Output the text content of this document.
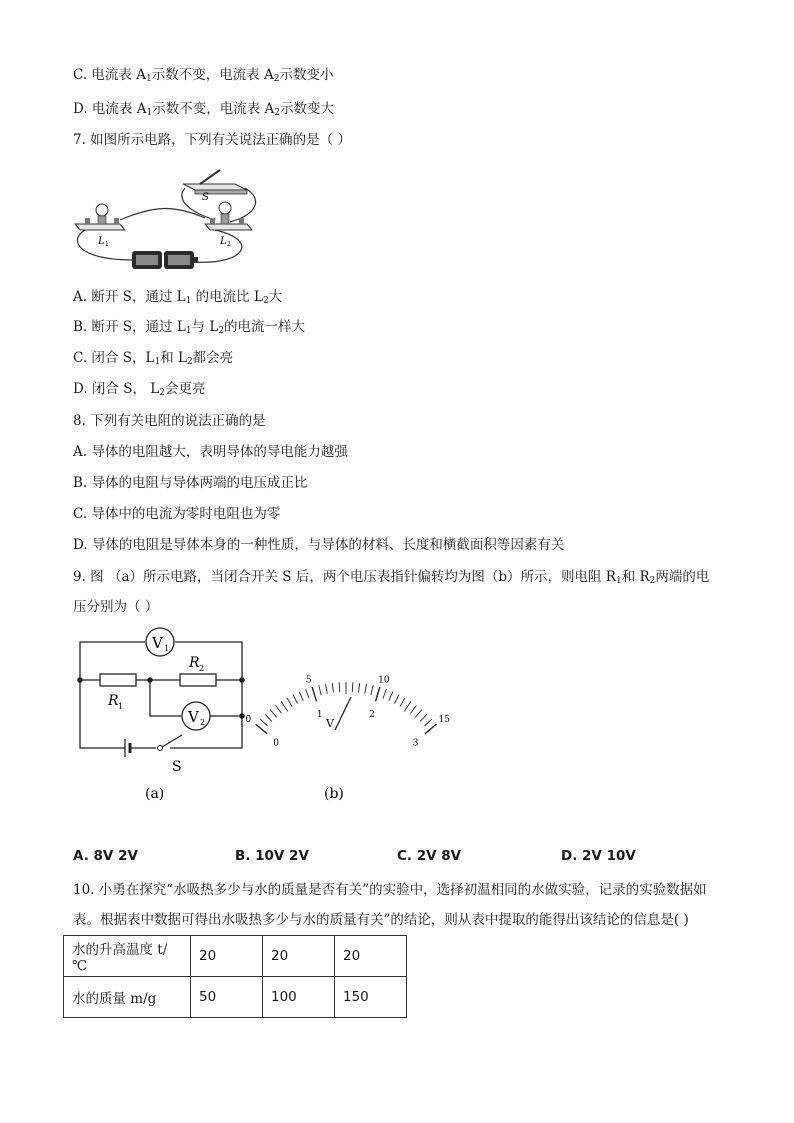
C. 电流表 $A_1$示数不变，电流表 $A_2$示数变小
D. 电流表 $A_1$示数不变，电流表 $A_2$示数变大
7. 如图所示电路，下列有关说法正确的是（ ）
S
L 1	L 2
A. 断开 S，通过 $L_1$ 的电流比 $L_2$大
B. 断开 S，通过 $L_1$与 $L_2$的电流一样大
C. 闭合 S，$L_1$和 $L_2$都会亮
D. 闭合 S， $L_2$会更亮
8. 下列有关电阻的说法正确的是
A. 导体的电阻越大，表明导体的导电能力越强
B. 导体的电阻与导体两端的电压成正比
C. 导体中的电流为零时电阻也为零
D. 导体的电阻是导体本身的一种性质，与导体的材料、长度和横截面积等因素有关
9. 图 （a）所示电路，当闭合开关 S 后，两个电压表指针偏转均为图（b）所示，则电阻 $R_1$和 $R_2$两端的电
压分别为（ ）
V 1
R 1
R 2
V 2
S
(a)
0
5	10
15
0
1	2
3
V
(b)
A. 8V 2V	B. 10V 2V	C. 2V 8V	D. 2V 10V
10. 小勇在探究“水吸热多少与水的质量是否有关”的实验中，选择初温相同的水做实验，记录的实验数据如
表。根据表中数据可得出水吸热多少与水的质量有关”的结论，则从表中提取的能得出该结论的信息是( )
水的升高温度 t/℃	20	20	20
水的质量 m/g	50	100	150
